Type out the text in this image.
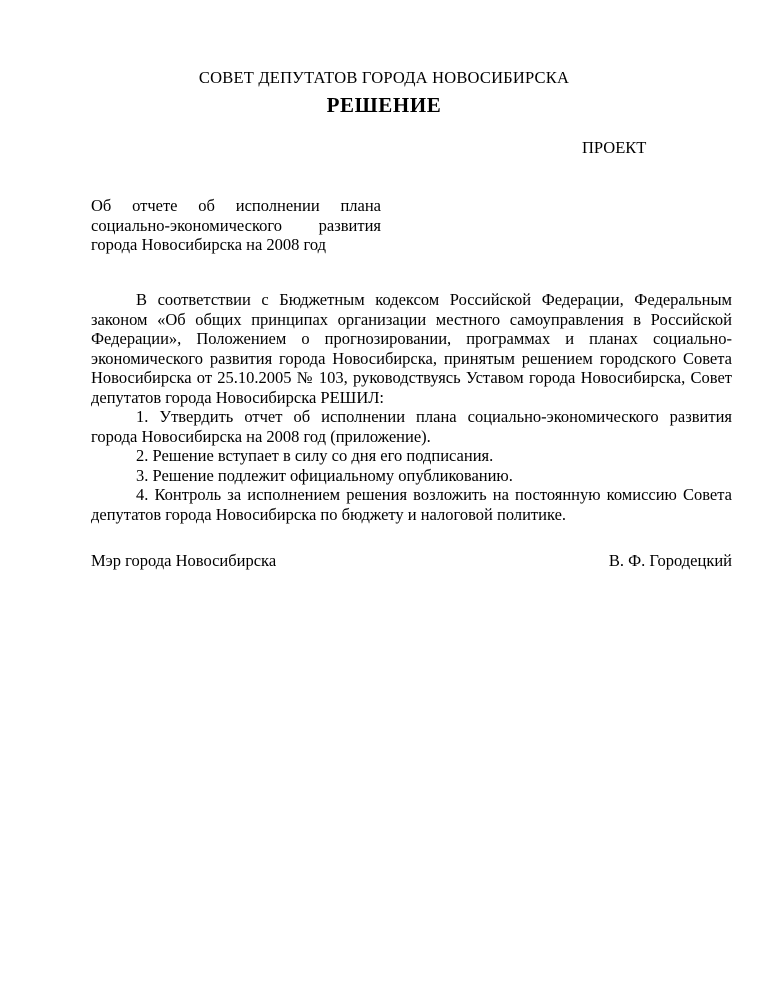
СОВЕТ ДЕПУТАТОВ ГОРОДА НОВОСИБИРСКА
РЕШЕНИЕ
ПРОЕКТ
Об отчете об исполнении плана
социально-экономического развития
города Новосибирска на 2008 год

В соответствии с Бюджетным кодексом Российской Федерации, Федеральным законом «Об общих принципах организации местного самоуправления в Российской Федерации», Положением о прогнозировании, программах и планах социально-экономического развития города Новосибирска, принятым решением городского Совета Новосибирска от 25.10.2005 № 103, руководствуясь Уставом города Новосибирска, Совет депутатов города Новосибирска РЕШИЛ:

1. Утвердить отчет об исполнении плана социально-экономического развития города Новосибирска на 2008 год (приложение).

2. Решение вступает в силу со дня его подписания.

3. Решение подлежит официальному опубликованию.

4. Контроль за исполнением решения возложить на постоянную комиссию Совета депутатов города Новосибирска по бюджету и налоговой политике.

Мэр города Новосибирска	В. Ф. Городецкий
